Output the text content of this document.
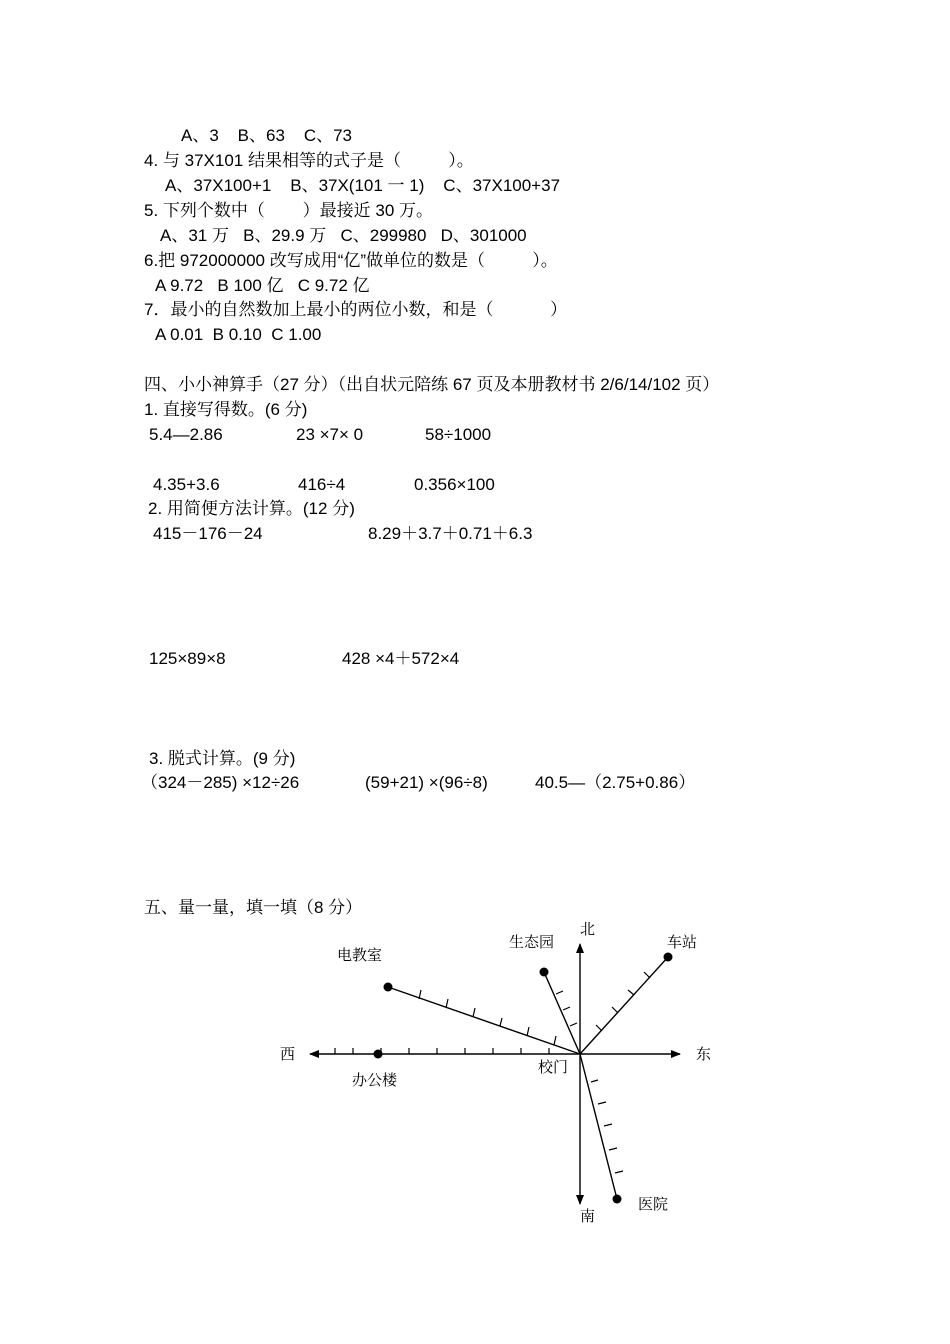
A、3    B、63    C、73
4. 与 37X101 结果相等的式子是（          ）。
A、37X100+1    B、37X(101 一 1)    C、37X100+37
5. 下列个数中（        ）最接近 30 万。
A、31 万   B、29.9 万   C、299980   D、301000
6.把 972000000 改写成用“亿”做单位的数是（          ）。
A 9.72   B 100 亿   C 9.72 亿
7．最小的自然数加上最小的两位小数，和是（            ）
A 0.01  B 0.10  C 1.00
四、小小神算手（27 分）（出自状元陪练 67 页及本册教材书 2/6/14/102 页）
1. 直接写得数。(6 分)
5.4—2.86	23 ×7× 0	58÷1000
4.35+3.6	416÷4	0.356×100
2. 用简便方法计算。(12 分)
415－176－24	8.29＋3.7＋0.71＋6.3
125×89×8	428 ×4＋572×4
3. 脱式计算。(9 分)
（324－285) ×12÷26	(59+21) ×(96÷8)	40.5—（2.75+0.86）
五、量一量，填一填（8 分）
北
南
东
西
校门
电教室
生态园	车站
办公楼
医院
